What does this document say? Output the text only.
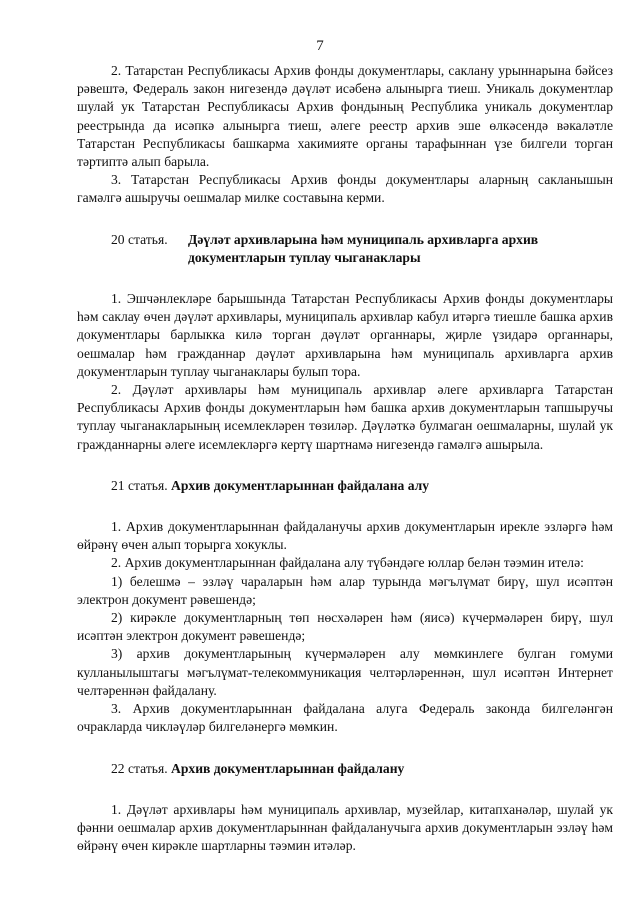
7

2. Татарстан Республикасы Архив фонды документлары, саклану урыннарына бәйсез рәвештә, Федераль закон нигезендә дәүләт исәбенә алынырга тиеш. Уникаль документлар шулай ук Татарстан Республикасы Архив фондының Республика уникаль документлар реестрында да исәпкә алынырга тиеш, әлеге реестр архив эше өлкәсендә вәкаләтле Татарстан Республикасы башкарма хакимияте органы тарафыннан үзе билгели торган тәртиптә алып барыла.

3. Татарстан Республикасы Архив фонды документлары аларның сакланышын гамәлгә ашыручы оешмалар милке составына керми.

20 статья. Дәүләт архивларына һәм муниципаль архивларга архив
документларын туплау чыганаклары

1. Эшчәнлекләре барышында Татарстан Республикасы Архив фонды документлары һәм саклау өчен дәүләт архивлары, муниципаль архивлар кабул итәргә тиешле башка архив документлары барлыкка килә торган дәүләт органнары, җирле үзидарә органнары, оешмалар һәм гражданнар дәүләт архивларына һәм муниципаль архивларга архив документларын туплау чыганаклары булып тора.

2. Дәүләт архивлары һәм муниципаль архивлар әлеге архивларга Татарстан Республикасы Архив фонды документларын һәм башка архив документларын тапшыручы туплау чыганакларының исемлекләрен төзиләр. Дәүләткә булмаган оешмаларны, шулай ук гражданнарны әлеге исемлекләргә кертү шартнамә нигезендә гамәлгә ашырыла.

21 статья. Архив документларыннан файдалана алу

1. Архив документларыннан файдаланучы архив документларын ирекле эзләргә һәм өйрәнү өчен алып торырга хокуклы.

2. Архив документларыннан файдалана алу түбәндәге юллар белән тәэмин ителә:

1) белешмә – эзләү чараларын һәм алар турында мәгълүмат бирү, шул исәптән электрон документ рәвешендә;

2) кирәкле документларның төп нөсхәләрен һәм (яисә) күчермәләрен бирү, шул исәптән электрон документ рәвешендә;

3) архив документларының күчермәләрен алу мөмкинлеге булган гомуми кулланылыштагы мәгълүмат-телекоммуникация челтәрләреннән, шул исәптән Интернет челтәреннән файдалану.

3. Архив документларыннан файдалана алуга Федераль законда билгеләнгән очракларда чикләүләр билгеләнергә мөмкин.

22 статья. Архив документларыннан файдалану

1. Дәүләт архивлары һәм муниципаль архивлар, музейлар, китапханәләр, шулай ук фәнни оешмалар архив документларыннан файдаланучыга архив документларын эзләү һәм өйрәнү өчен кирәкле шартларны тәэмин итәләр.
